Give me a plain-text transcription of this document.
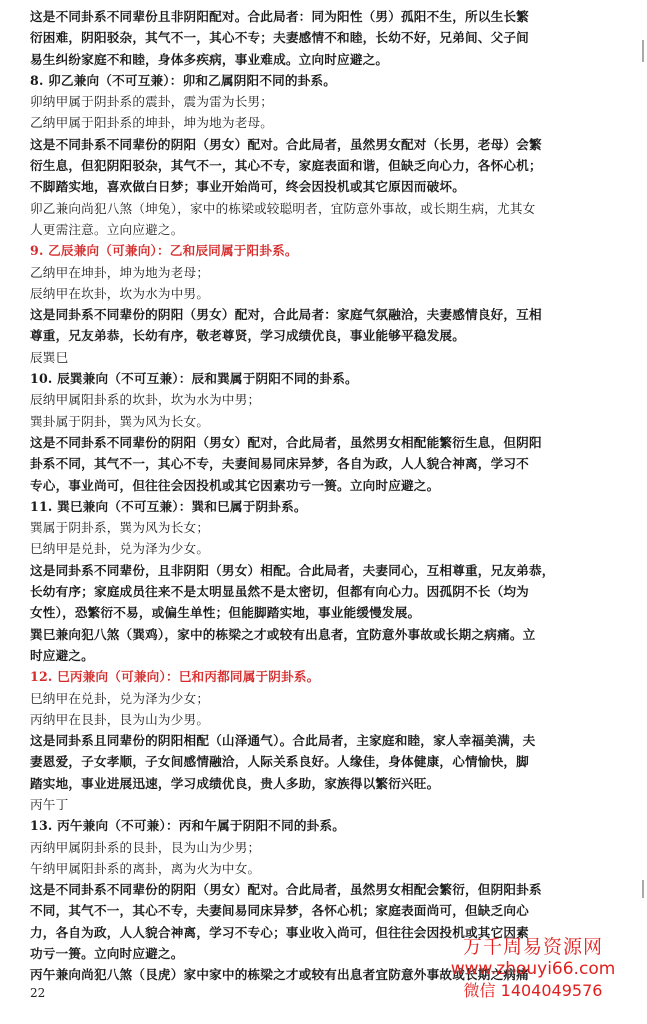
这是不同卦系不同辈份且非阴阳配对。合此局者：同为阳性（男）孤阳不生，所以生长繁

衍困难，阴阳驳杂，其气不一，其心不专；夫妻感情不和睦，长幼不好，兄弟间、父子间

易生纠纷家庭不和睦，身体多疾病，事业难成。立向时应避之。

8. 卯乙兼向（不可互兼）：卯和乙属阴阳不同的卦系。

卯纳甲属于阴卦系的震卦，震为雷为长男；

乙纳甲属于阳卦系的坤卦，坤为地为老母。

这是不同卦系不同辈份的阴阳（男女）配对。合此局者，虽然男女配对（长男，老母）会繁

衍生息，但犯阴阳驳杂，其气不一，其心不专，家庭表面和谐，但缺乏向心力，各怀心机；

不脚踏实地，喜欢做白日梦；事业开始尚可，终会因投机或其它原因而破坏。

卯乙兼向尚犯八煞（坤兔），家中的栋梁或较聪明者，宜防意外事故，或长期生病，尤其女

人更需注意。立向应避之。

9. 乙辰兼向（可兼向）：乙和辰同属于阳卦系。

乙纳甲在坤卦，坤为地为老母；

辰纳甲在坎卦，坎为水为中男。

这是同卦系不同辈份的阴阳（男女）配对，合此局者：家庭气氛融洽，夫妻感情良好，互相

尊重，兄友弟恭，长幼有序，敬老尊贤，学习成绩优良，事业能够平稳发展。

辰巽巳

10. 辰巽兼向（不可互兼）：辰和巽属于阴阳不同的卦系。

辰纳甲属阳卦系的坎卦，坎为水为中男；

巽卦属于阴卦，巽为风为长女。

这是不同卦系不同辈份的阴阳（男女）配对，合此局者，虽然男女相配能繁衍生息，但阴阳

卦系不同，其气不一，其心不专，夫妻间易同床异梦，各自为政，人人貌合神离，学习不

专心，事业尚可，但往往会因投机或其它因素功亏一篑。立向时应避之。

11. 巽巳兼向（不可互兼）：巽和巳属于阴卦系。

巽属于阴卦系，巽为风为长女；

巳纳甲是兑卦，兑为泽为少女。

这是同卦系不同辈份，且非阴阳（男女）相配。合此局者，夫妻同心，互相尊重，兄友弟恭，

长幼有序；家庭成员往来不是太明显虽然不是太密切，但都有向心力。因孤阴不长（均为

女性），恐繁衍不易，或偏生单性；但能脚踏实地，事业能缓慢发展。

巽巳兼向犯八煞（巽鸡），家中的栋梁之才或较有出息者，宜防意外事故或长期之病痛。立

时应避之。

12. 巳丙兼向（可兼向）：巳和丙都同属于阴卦系。

巳纳甲在兑卦，兑为泽为少女；

丙纳甲在艮卦，艮为山为少男。

这是同卦系且同辈份的阴阳相配（山泽通气）。合此局者，主家庭和睦，家人幸福美满，夫

妻恩爱，子女孝顺，子女间感情融洽，人际关系良好。人缘佳，身体健康，心情愉快，脚

踏实地，事业进展迅速，学习成绩优良，贵人多助，家族得以繁衍兴旺。

丙午丁

13. 丙午兼向（不可兼）：丙和午属于阴阳不同的卦系。

丙纳甲属阴卦系的艮卦，艮为山为少男；

午纳甲属阳卦系的离卦，离为火为中女。

这是不同卦系不同辈份的阴阳（男女）配对。合此局者，虽然男女相配会繁衍，但阴阳卦系

不同，其气不一，其心不专，夫妻间易同床异梦，各怀心机；家庭表面尚可，但缺乏向心

力，各自为政，人人貌合神离，学习不专心；事业收入尚可，但往往会因投机或其它因素

功亏一篑。立向时应避之。

丙午兼向尚犯八煞（艮虎）家中家中的栋梁之才或较有出息者宜防意外事故或长期之病痛

22
万千周易资源网
www.zhouyi66.com
微信 1404049576
